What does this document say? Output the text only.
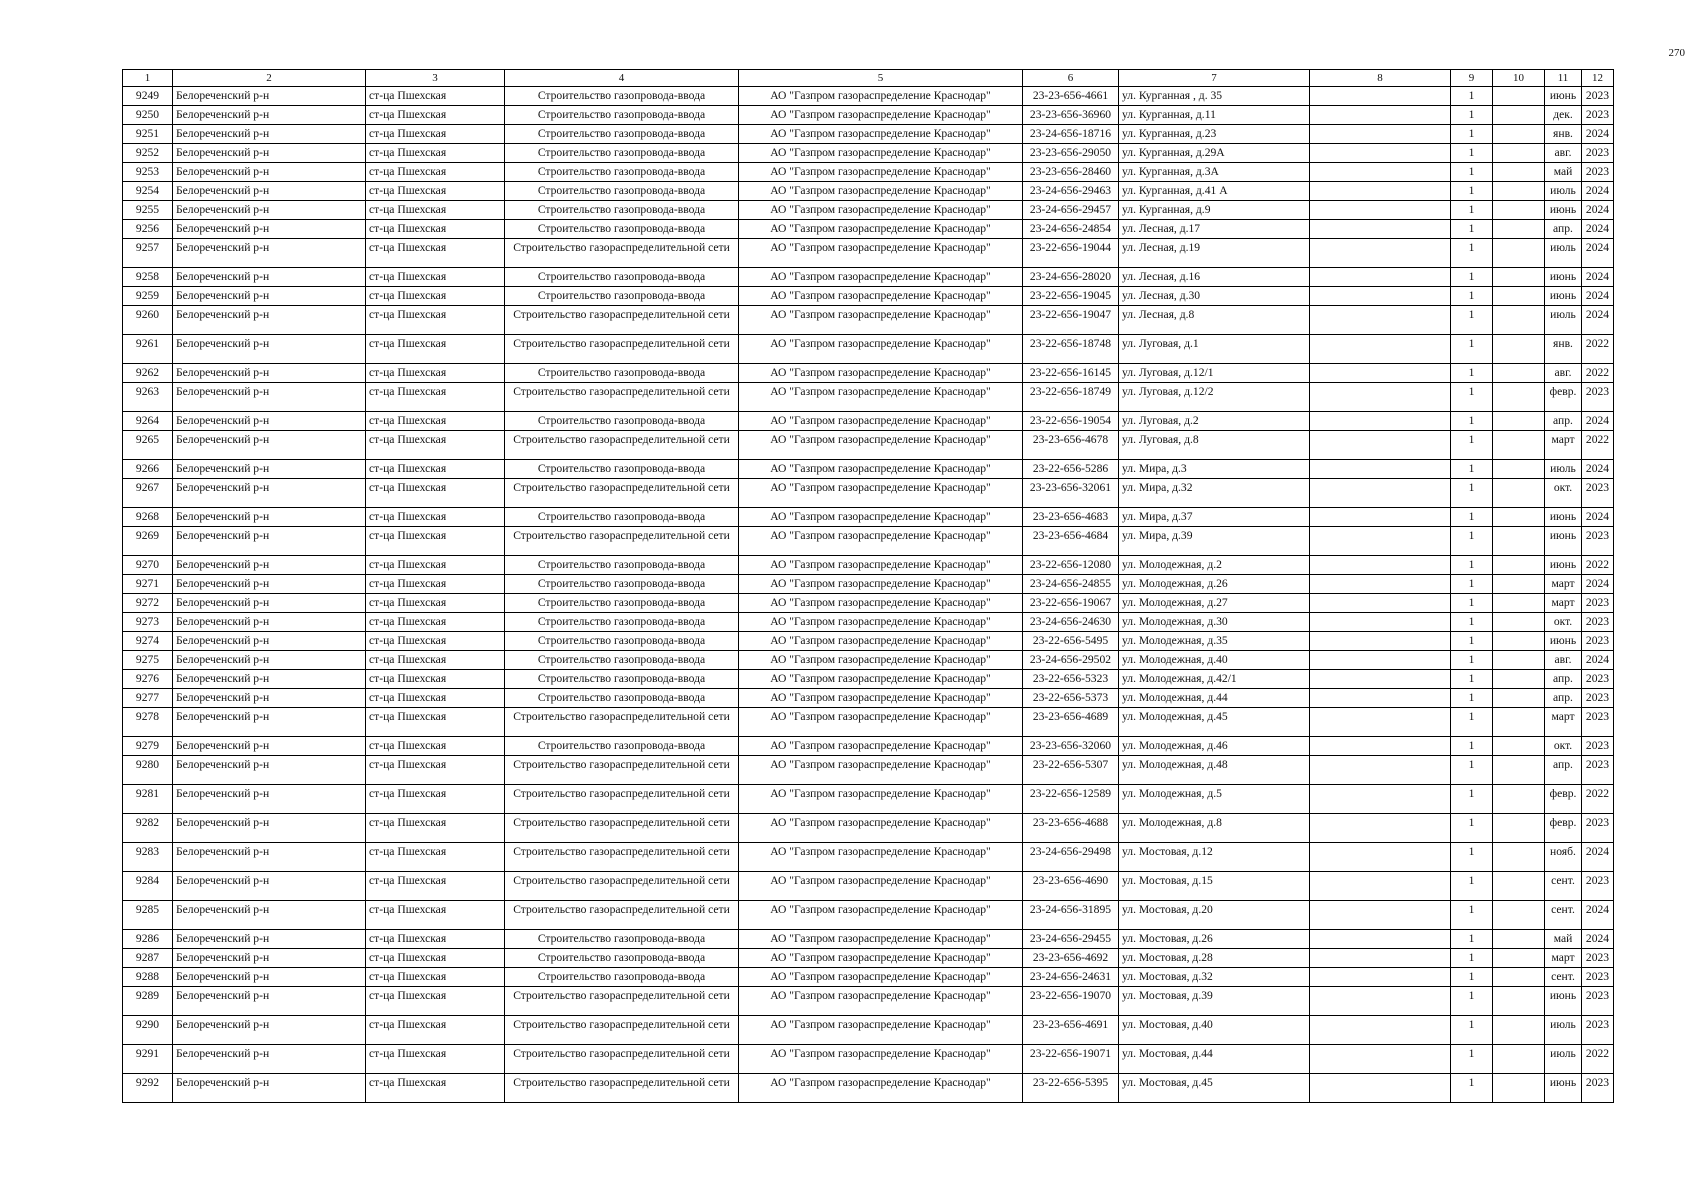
270
1	2	3	4	5	6	7	8	9	10	11	12
9249	Белореченский р-н	ст-ца Пшехская	Строительство газопровода-ввода	АО "Газпром газораспределение Краснодар"	23-23-656-4661	ул. Курганная , д. 35		1		июнь	2023
9250	Белореченский р-н	ст-ца Пшехская	Строительство газопровода-ввода	АО "Газпром газораспределение Краснодар"	23-23-656-36960	ул. Курганная, д.11		1		дек.	2023
9251	Белореченский р-н	ст-ца Пшехская	Строительство газопровода-ввода	АО "Газпром газораспределение Краснодар"	23-24-656-18716	ул. Курганная, д.23		1		янв.	2024
9252	Белореченский р-н	ст-ца Пшехская	Строительство газопровода-ввода	АО "Газпром газораспределение Краснодар"	23-23-656-29050	ул. Курганная, д.29А		1		авг.	2023
9253	Белореченский р-н	ст-ца Пшехская	Строительство газопровода-ввода	АО "Газпром газораспределение Краснодар"	23-23-656-28460	ул. Курганная, д.3А		1		май	2023
9254	Белореченский р-н	ст-ца Пшехская	Строительство газопровода-ввода	АО "Газпром газораспределение Краснодар"	23-24-656-29463	ул. Курганная, д.41 А		1		июль	2024
9255	Белореченский р-н	ст-ца Пшехская	Строительство газопровода-ввода	АО "Газпром газораспределение Краснодар"	23-24-656-29457	ул. Курганная, д.9		1		июнь	2024
9256	Белореченский р-н	ст-ца Пшехская	Строительство газопровода-ввода	АО "Газпром газораспределение Краснодар"	23-24-656-24854	ул. Лесная, д.17		1		апр.	2024
9257	Белореченский р-н	ст-ца Пшехская	Строительство газораспределительной сети	АО "Газпром газораспределение Краснодар"	23-22-656-19044	ул. Лесная, д.19		1		июль	2024
9258	Белореченский р-н	ст-ца Пшехская	Строительство газопровода-ввода	АО "Газпром газораспределение Краснодар"	23-24-656-28020	ул. Лесная, д.16		1		июнь	2024
9259	Белореченский р-н	ст-ца Пшехская	Строительство газопровода-ввода	АО "Газпром газораспределение Краснодар"	23-22-656-19045	ул. Лесная, д.30		1		июнь	2024
9260	Белореченский р-н	ст-ца Пшехская	Строительство газораспределительной сети	АО "Газпром газораспределение Краснодар"	23-22-656-19047	ул. Лесная, д.8		1		июль	2024
9261	Белореченский р-н	ст-ца Пшехская	Строительство газораспределительной сети	АО "Газпром газораспределение Краснодар"	23-22-656-18748	ул. Луговая, д.1		1		янв.	2022
9262	Белореченский р-н	ст-ца Пшехская	Строительство газопровода-ввода	АО "Газпром газораспределение Краснодар"	23-22-656-16145	ул. Луговая, д.12/1		1		авг.	2022
9263	Белореченский р-н	ст-ца Пшехская	Строительство газораспределительной сети	АО "Газпром газораспределение Краснодар"	23-22-656-18749	ул. Луговая, д.12/2		1		февр.	2023
9264	Белореченский р-н	ст-ца Пшехская	Строительство газопровода-ввода	АО "Газпром газораспределение Краснодар"	23-22-656-19054	ул. Луговая, д.2		1		апр.	2024
9265	Белореченский р-н	ст-ца Пшехская	Строительство газораспределительной сети	АО "Газпром газораспределение Краснодар"	23-23-656-4678	ул. Луговая, д.8		1		март	2022
9266	Белореченский р-н	ст-ца Пшехская	Строительство газопровода-ввода	АО "Газпром газораспределение Краснодар"	23-22-656-5286	ул. Мира, д.3		1		июль	2024
9267	Белореченский р-н	ст-ца Пшехская	Строительство газораспределительной сети	АО "Газпром газораспределение Краснодар"	23-23-656-32061	ул. Мира, д.32		1		окт.	2023
9268	Белореченский р-н	ст-ца Пшехская	Строительство газопровода-ввода	АО "Газпром газораспределение Краснодар"	23-23-656-4683	ул. Мира, д.37		1		июнь	2024
9269	Белореченский р-н	ст-ца Пшехская	Строительство газораспределительной сети	АО "Газпром газораспределение Краснодар"	23-23-656-4684	ул. Мира, д.39		1		июнь	2023
9270	Белореченский р-н	ст-ца Пшехская	Строительство газопровода-ввода	АО "Газпром газораспределение Краснодар"	23-22-656-12080	ул. Молодежная, д.2		1		июнь	2022
9271	Белореченский р-н	ст-ца Пшехская	Строительство газопровода-ввода	АО "Газпром газораспределение Краснодар"	23-24-656-24855	ул. Молодежная, д.26		1		март	2024
9272	Белореченский р-н	ст-ца Пшехская	Строительство газопровода-ввода	АО "Газпром газораспределение Краснодар"	23-22-656-19067	ул. Молодежная, д.27		1		март	2023
9273	Белореченский р-н	ст-ца Пшехская	Строительство газопровода-ввода	АО "Газпром газораспределение Краснодар"	23-24-656-24630	ул. Молодежная, д.30		1		окт.	2023
9274	Белореченский р-н	ст-ца Пшехская	Строительство газопровода-ввода	АО "Газпром газораспределение Краснодар"	23-22-656-5495	ул. Молодежная, д.35		1		июнь	2023
9275	Белореченский р-н	ст-ца Пшехская	Строительство газопровода-ввода	АО "Газпром газораспределение Краснодар"	23-24-656-29502	ул. Молодежная, д.40		1		авг.	2024
9276	Белореченский р-н	ст-ца Пшехская	Строительство газопровода-ввода	АО "Газпром газораспределение Краснодар"	23-22-656-5323	ул. Молодежная, д.42/1		1		апр.	2023
9277	Белореченский р-н	ст-ца Пшехская	Строительство газопровода-ввода	АО "Газпром газораспределение Краснодар"	23-22-656-5373	ул. Молодежная, д.44		1		апр.	2023
9278	Белореченский р-н	ст-ца Пшехская	Строительство газораспределительной сети	АО "Газпром газораспределение Краснодар"	23-23-656-4689	ул. Молодежная, д.45		1		март	2023
9279	Белореченский р-н	ст-ца Пшехская	Строительство газопровода-ввода	АО "Газпром газораспределение Краснодар"	23-23-656-32060	ул. Молодежная, д.46		1		окт.	2023
9280	Белореченский р-н	ст-ца Пшехская	Строительство газораспределительной сети	АО "Газпром газораспределение Краснодар"	23-22-656-5307	ул. Молодежная, д.48		1		апр.	2023
9281	Белореченский р-н	ст-ца Пшехская	Строительство газораспределительной сети	АО "Газпром газораспределение Краснодар"	23-22-656-12589	ул. Молодежная, д.5		1		февр.	2022
9282	Белореченский р-н	ст-ца Пшехская	Строительство газораспределительной сети	АО "Газпром газораспределение Краснодар"	23-23-656-4688	ул. Молодежная, д.8		1		февр.	2023
9283	Белореченский р-н	ст-ца Пшехская	Строительство газораспределительной сети	АО "Газпром газораспределение Краснодар"	23-24-656-29498	ул. Мостовая, д.12		1		нояб.	2024
9284	Белореченский р-н	ст-ца Пшехская	Строительство газораспределительной сети	АО "Газпром газораспределение Краснодар"	23-23-656-4690	ул. Мостовая, д.15		1		сент.	2023
9285	Белореченский р-н	ст-ца Пшехская	Строительство газораспределительной сети	АО "Газпром газораспределение Краснодар"	23-24-656-31895	ул. Мостовая, д.20		1		сент.	2024
9286	Белореченский р-н	ст-ца Пшехская	Строительство газопровода-ввода	АО "Газпром газораспределение Краснодар"	23-24-656-29455	ул. Мостовая, д.26		1		май	2024
9287	Белореченский р-н	ст-ца Пшехская	Строительство газопровода-ввода	АО "Газпром газораспределение Краснодар"	23-23-656-4692	ул. Мостовая, д.28		1		март	2023
9288	Белореченский р-н	ст-ца Пшехская	Строительство газопровода-ввода	АО "Газпром газораспределение Краснодар"	23-24-656-24631	ул. Мостовая, д.32		1		сент.	2023
9289	Белореченский р-н	ст-ца Пшехская	Строительство газораспределительной сети	АО "Газпром газораспределение Краснодар"	23-22-656-19070	ул. Мостовая, д.39		1		июнь	2023
9290	Белореченский р-н	ст-ца Пшехская	Строительство газораспределительной сети	АО "Газпром газораспределение Краснодар"	23-23-656-4691	ул. Мостовая, д.40		1		июль	2023
9291	Белореченский р-н	ст-ца Пшехская	Строительство газораспределительной сети	АО "Газпром газораспределение Краснодар"	23-22-656-19071	ул. Мостовая, д.44		1		июль	2022
9292	Белореченский р-н	ст-ца Пшехская	Строительство газораспределительной сети	АО "Газпром газораспределение Краснодар"	23-22-656-5395	ул. Мостовая, д.45		1		июнь	2023
